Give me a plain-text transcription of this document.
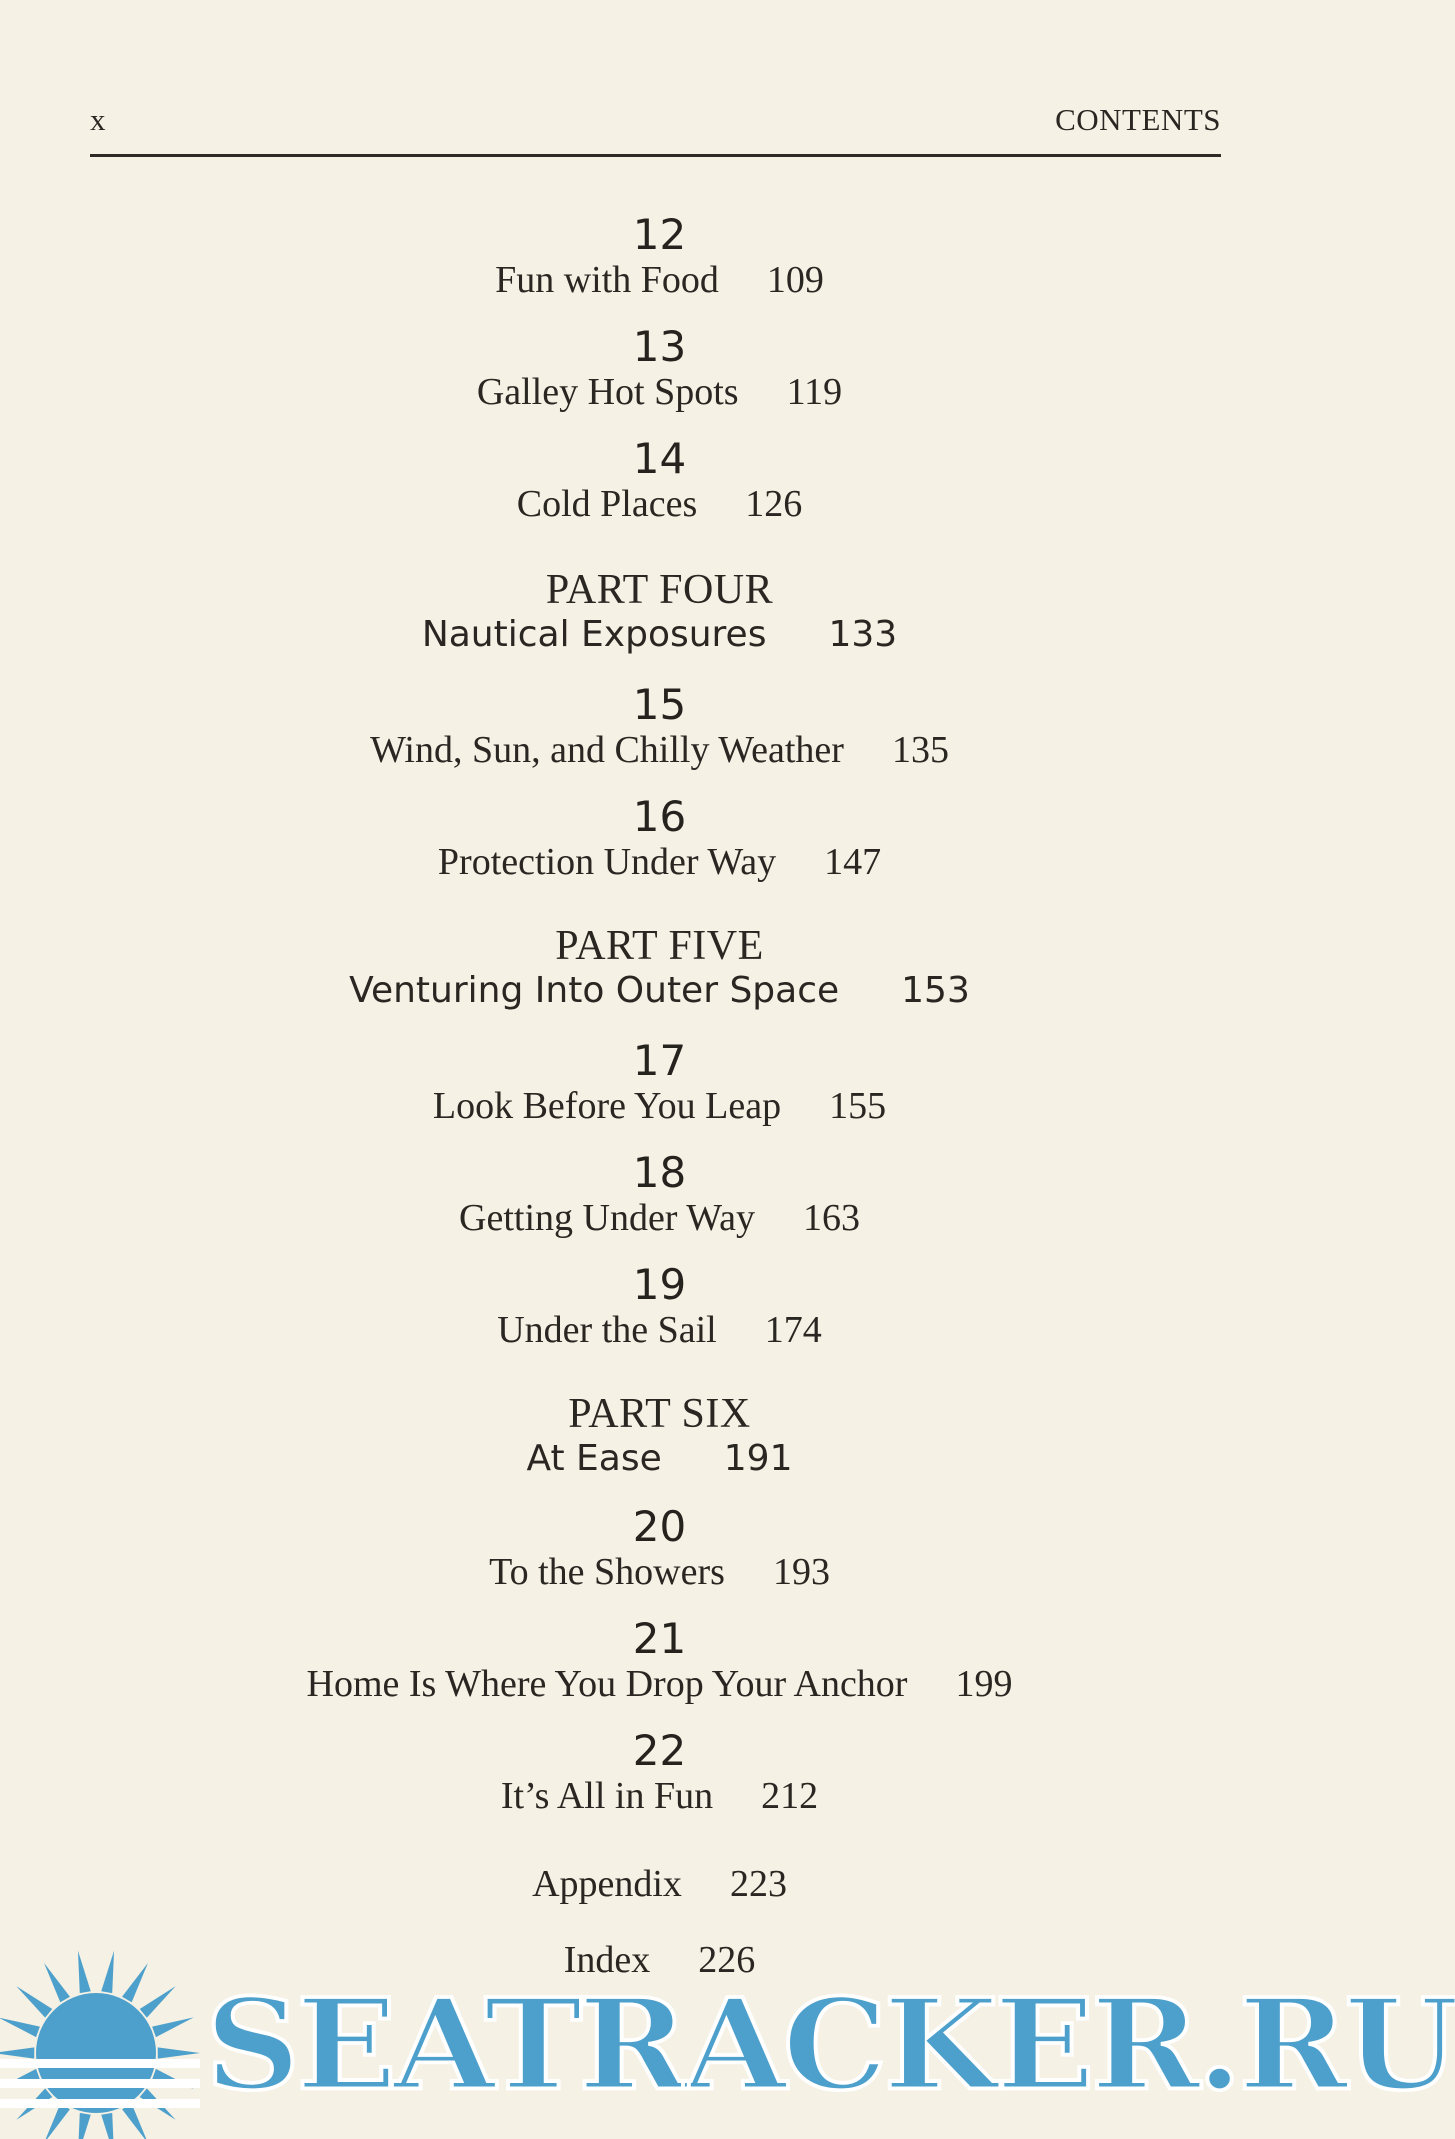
x	CONTENTS
12
Fun with Food 109
13
Galley Hot Spots 119
14
Cold Places 126
PART FOUR
Nautical Exposures 133
15
Wind, Sun, and Chilly Weather 135
16
Protection Under Way 147
PART FIVE
Venturing Into Outer Space 153
17
Look Before You Leap 155
18
Getting Under Way 163
19
Under the Sail 174
PART SIX
At Ease 191
20
To the Showers 193
21
Home Is Where You Drop Your Anchor 199
22
It’s All in Fun 212
Appendix 223
Index 226
SEATRACKER.RU
